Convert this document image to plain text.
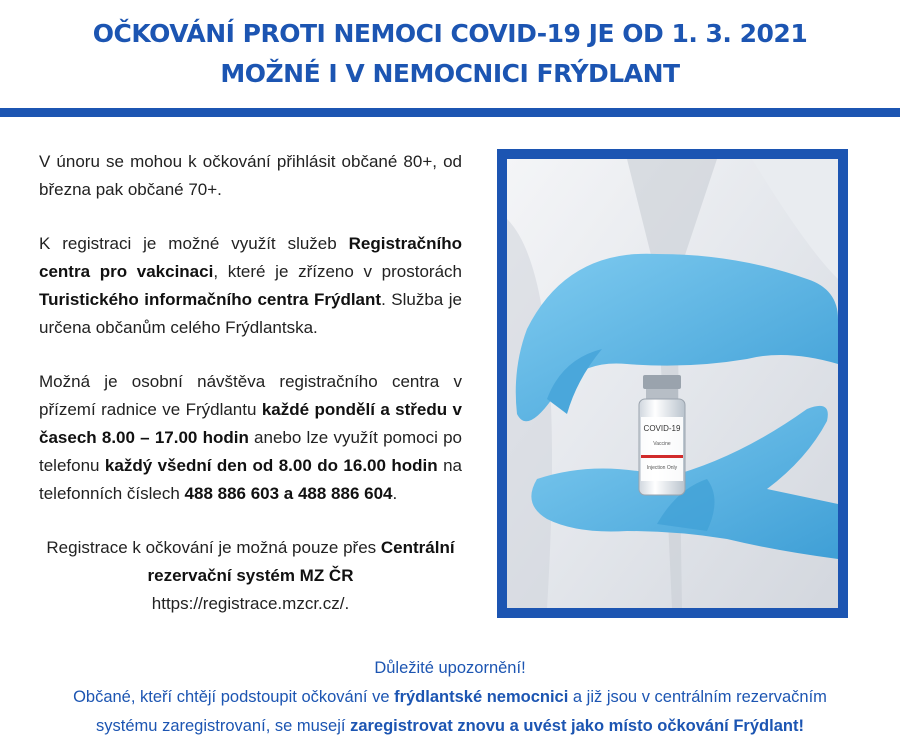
OČKOVÁNÍ PROTI NEMOCI COVID-19 JE OD 1. 3. 2021
MOŽNÉ I V NEMOCNICI FRÝDLANT

V únoru se mohou k očkování přihlásit občané 80+, od března pak občané 70+.

K registraci je možné využít služeb Registračního centra pro vakcinaci, které je zřízeno v prostorách Turistického informačního centra Frýdlant. Služba je určena občanům celého Frýdlantska.

Možná je osobní návštěva registračního centra v přízemí radnice ve Frýdlantu každé pondělí a středu v časech 8.00 – 17.00 hodin anebo lze využít pomoci po telefonu každý všední den od 8.00 do 16.00 hodin na telefonních číslech 488 886 603 a 488 886 604.

Registrace k očkování je možná pouze přes Centrální rezervační systém MZ ČR
https://registrace.mzcr.cz/.

COVID-19
Vaccine
Injection Only
Důležité upozornění!
Občané, kteří chtějí podstoupit očkování ve frýdlantské nemocnici a již jsou v centrálním rezervačním
systému zaregistrovaní, se musejí zaregistrovat znovu a uvést jako místo očkování Frýdlant!
